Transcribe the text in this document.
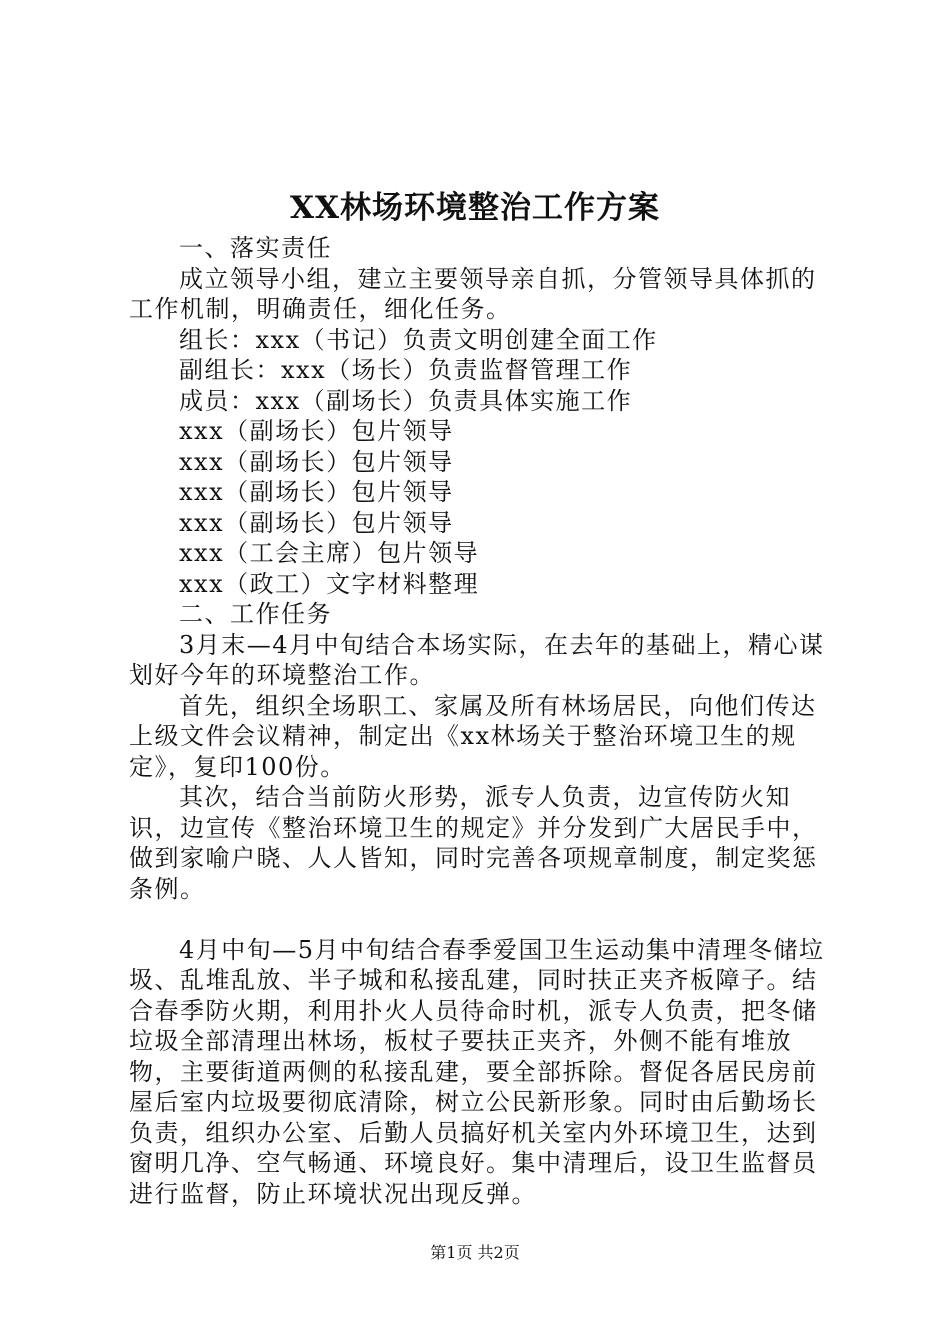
XX林场环境整治工作方案

一、落实责任

成立领导小组，建立主要领导亲自抓，分管领导具体抓的工作机制，明确责任，细化任务。

组长：xxx（书记）负责文明创建全面工作

副组长：xxx（场长）负责监督管理工作

成员：xxx（副场长）负责具体实施工作

xxx（副场长）包片领导

xxx（副场长）包片领导

xxx（副场长）包片领导

xxx（副场长）包片领导

xxx（工会主席）包片领导

xxx（政工）文字材料整理

二、工作任务

3月末—4月中旬结合本场实际，在去年的基础上，精心谋划好今年的环境整治工作。

首先，组织全场职工、家属及所有林场居民，向他们传达上级文件会议精神，制定出《xx林场关于整治环境卫生的规定》，复印100份。

其次，结合当前防火形势，派专人负责，边宣传防火知识，边宣传《整治环境卫生的规定》并分发到广大居民手中，做到家喻户晓、人人皆知，同时完善各项规章制度，制定奖惩条例。

4月中旬—5月中旬结合春季爱国卫生运动集中清理冬储垃圾、乱堆乱放、半子城和私接乱建，同时扶正夹齐板障子。结合春季防火期，利用扑火人员待命时机，派专人负责，把冬储垃圾全部清理出林场，板杖子要扶正夹齐，外侧不能有堆放物，主要街道两侧的私接乱建，要全部拆除。督促各居民房前屋后室内垃圾要彻底清除，树立公民新形象。同时由后勤场长负责，组织办公室、后勤人员搞好机关室内外环境卫生，达到窗明几净、空气畅通、环境良好。集中清理后，设卫生监督员进行监督，防止环境状况出现反弹。

第1页 共2页
